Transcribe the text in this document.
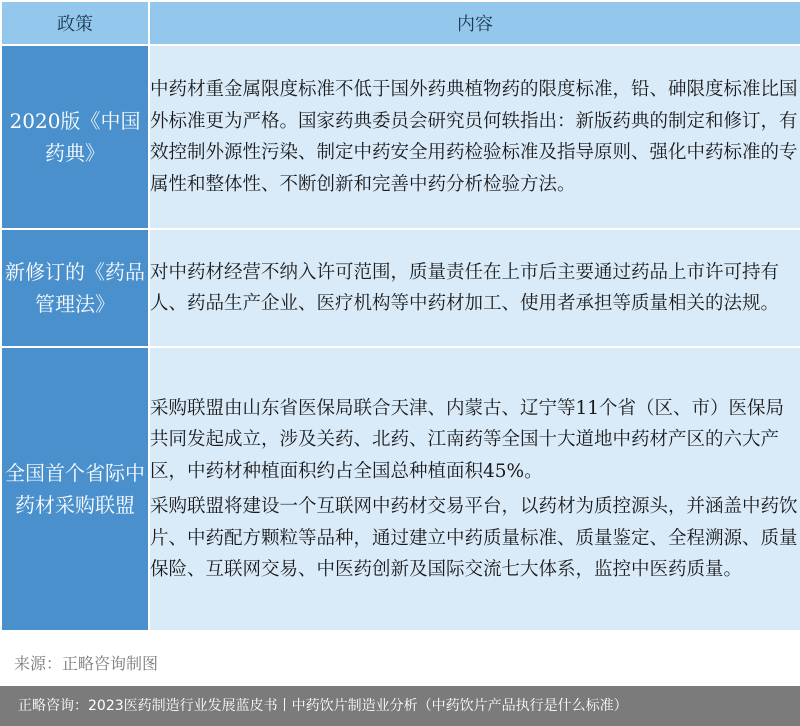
政策	内容
2020版《中国药典》	中药材重金属限度标准不低于国外药典植物药的限度标准，铅、砷限度标准比国外标准更为严格。国家药典委员会研究员何轶指出：新版药典的制定和修订，有效控制外源性污染、制定中药安全用药检验标准及指导原则、强化中药标准的专属性和整体性、不断创新和完善中药分析检验方法。

新修订的《药品管理法》	对中药材经营不纳入许可范围，质量责任在上市后主要通过药品上市许可持有人、药品生产企业、医疗机构等中药材加工、使用者承担等质量相关的法规。

全国首个省际中药材采购联盟	采购联盟由山东省医保局联合天津、内蒙古、辽宁等11个省（区、市）医保局共同发起成立，涉及关药、北药、江南药等全国十大道地中药材产区的六大产区，中药材种植面积约占全国总种植面积45%。

采购联盟将建设一个互联网中药材交易平台，以药材为质控源头，并涵盖中药饮片、中药配方颗粒等品种，通过建立中药质量标准、质量鉴定、全程溯源、质量保险、互联网交易、中医药创新及国际交流七大体系，监控中医药质量。

来源：正略咨询制图
正略咨询：2023医药制造行业发展蓝皮书丨中药饮片制造业分析（中药饮片产品执行是什么标准）
